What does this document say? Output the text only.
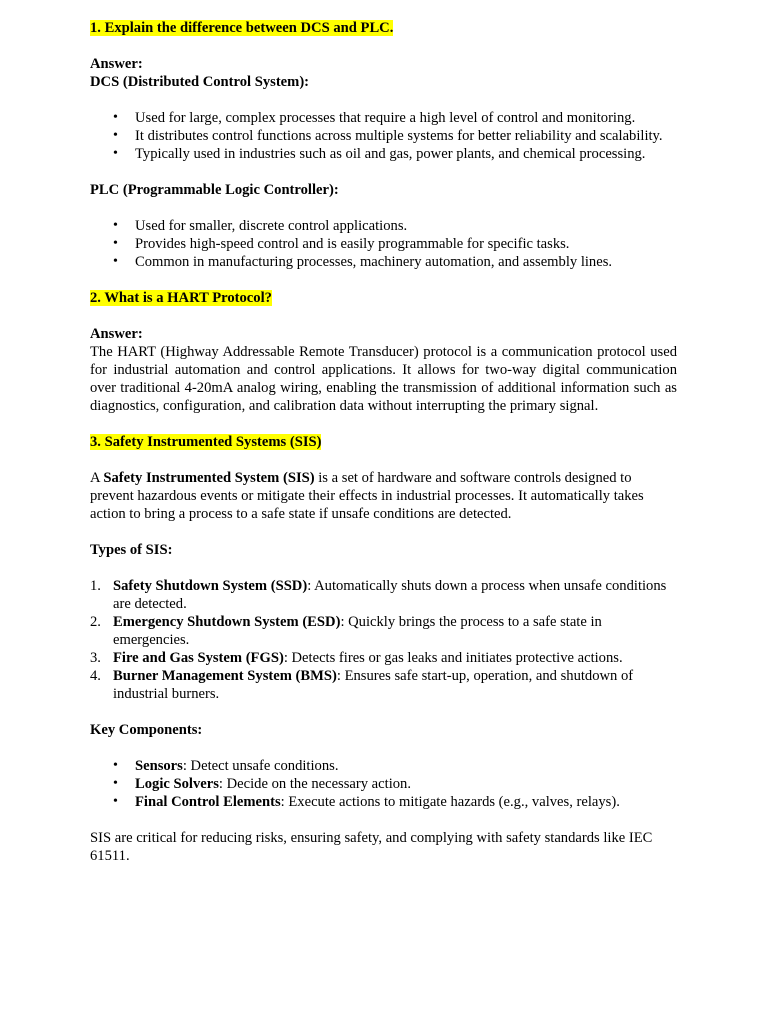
1. Explain the difference between DCS and PLC.

Answer:

DCS (Distributed Control System):

• Used for large, complex processes that require a high level of control and monitoring.
• It distributes control functions across multiple systems for better reliability and scalability.
• Typically used in industries such as oil and gas, power plants, and chemical processing.

PLC (Programmable Logic Controller):

• Used for smaller, discrete control applications.
• Provides high-speed control and is easily programmable for specific tasks.
• Common in manufacturing processes, machinery automation, and assembly lines.

2. What is a HART Protocol?

Answer:

The HART (Highway Addressable Remote Transducer) protocol is a communication protocol used for industrial automation and control applications. It allows for two-way digital communication over traditional 4-20mA analog wiring, enabling the transmission of additional information such as diagnostics, configuration, and calibration data without interrupting the primary signal.

3. Safety Instrumented Systems (SIS)

A Safety Instrumented System (SIS) is a set of hardware and software controls designed to prevent hazardous events or mitigate their effects in industrial processes. It automatically takes action to bring a process to a safe state if unsafe conditions are detected.

Types of SIS:

1. Safety Shutdown System (SSD): Automatically shuts down a process when unsafe conditions are detected.
2. Emergency Shutdown System (ESD): Quickly brings the process to a safe state in emergencies.
3. Fire and Gas System (FGS): Detects fires or gas leaks and initiates protective actions.
4. Burner Management System (BMS): Ensures safe start-up, operation, and shutdown of industrial burners.

Key Components:

• Sensors: Detect unsafe conditions.
• Logic Solvers: Decide on the necessary action.
• Final Control Elements: Execute actions to mitigate hazards (e.g., valves, relays).

SIS are critical for reducing risks, ensuring safety, and complying with safety standards like IEC 61511.
